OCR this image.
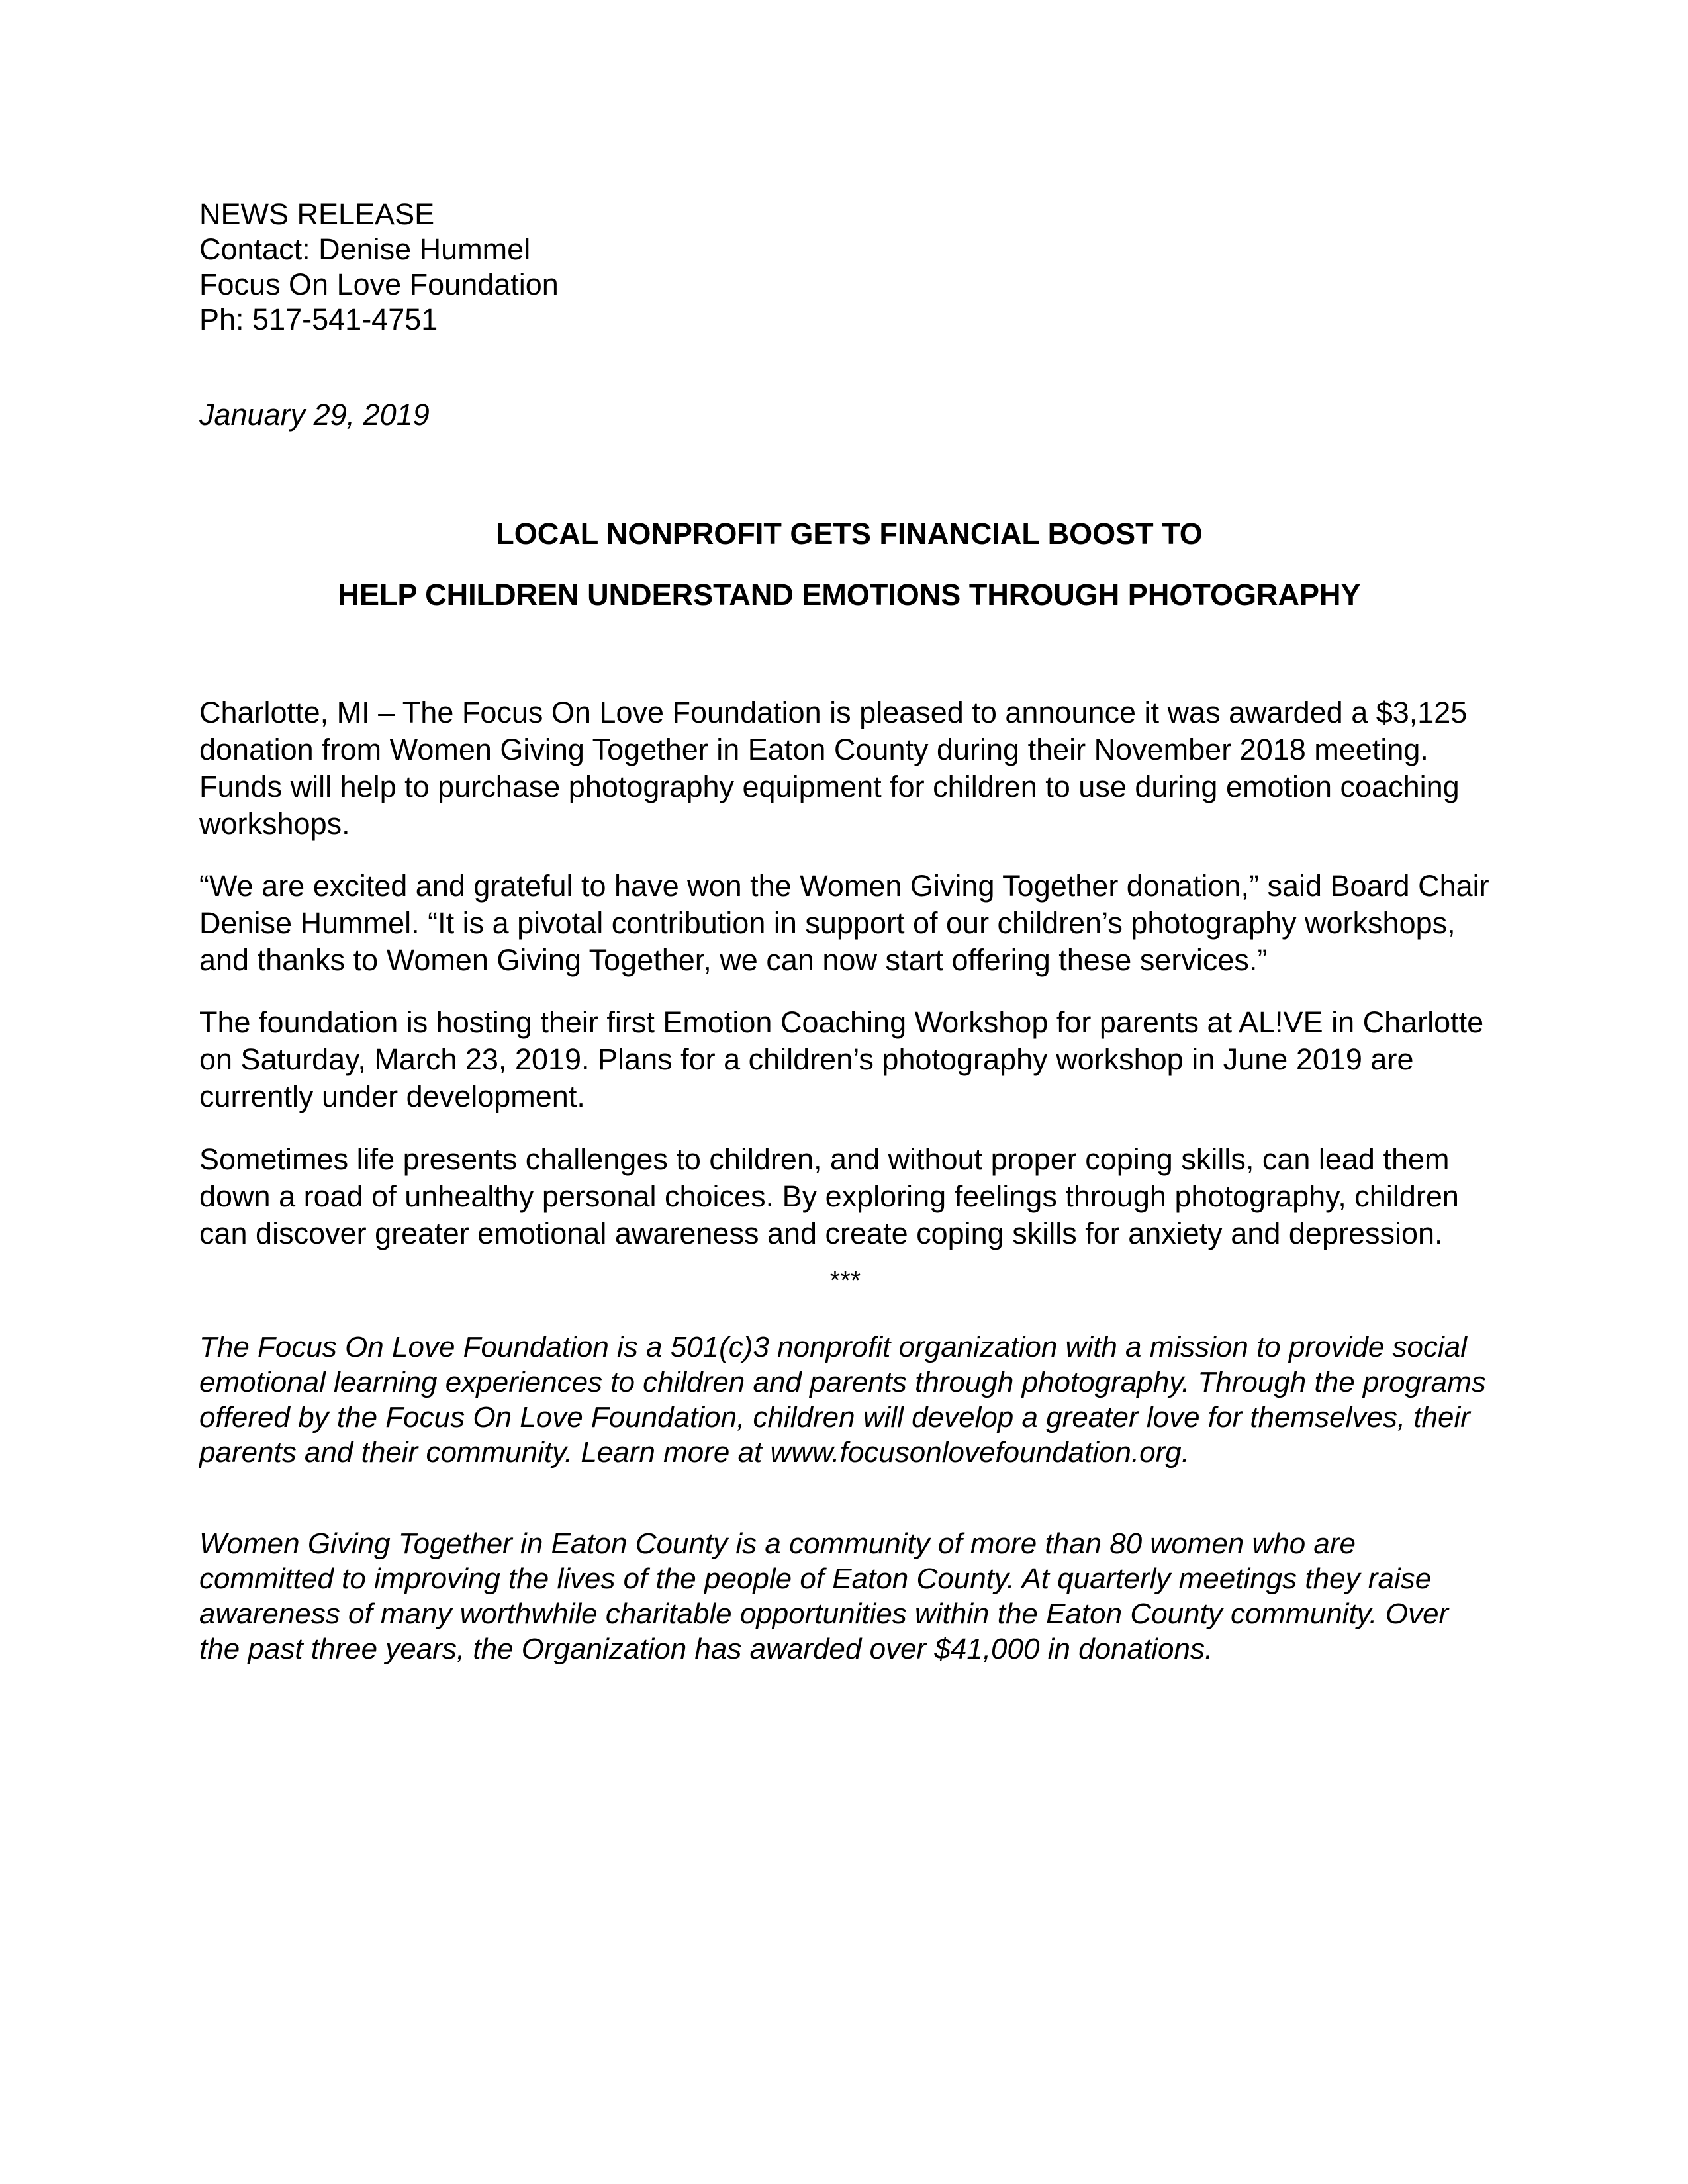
NEWS RELEASE
Contact: Denise Hummel
Focus On Love Foundation
Ph: 517-541-4751

January 29, 2019

LOCAL NONPROFIT GETS FINANCIAL BOOST TO
HELP CHILDREN UNDERSTAND EMOTIONS THROUGH PHOTOGRAPHY

Charlotte, MI – The Focus On Love Foundation is pleased to announce it was awarded a $3,125 donation from Women Giving Together in Eaton County during their November 2018 meeting. Funds will help to purchase photography equipment for children to use during emotion coaching workshops.

“We are excited and grateful to have won the Women Giving Together donation,” said Board Chair Denise Hummel. “It is a pivotal contribution in support of our children’s photography workshops, and thanks to Women Giving Together, we can now start offering these services.”

The foundation is hosting their first Emotion Coaching Workshop for parents at AL!VE in Charlotte on Saturday, March 23, 2019. Plans for a children’s photography workshop in June 2019 are currently under development.

Sometimes life presents challenges to children, and without proper coping skills, can lead them down a road of unhealthy personal choices. By exploring feelings through photography, children can discover greater emotional awareness and create coping skills for anxiety and depression.

***

The Focus On Love Foundation is a 501(c)3 nonprofit organization with a mission to provide social emotional learning experiences to children and parents through photography. Through the programs offered by the Focus On Love Foundation, children will develop a greater love for themselves, their parents and their community. Learn more at www.focusonlovefoundation.org.

Women Giving Together in Eaton County is a community of more than 80 women who are committed to improving the lives of the people of Eaton County. At quarterly meetings they raise awareness of many worthwhile charitable opportunities within the Eaton County community. Over the past three years, the Organization has awarded over $41,000 in donations.
